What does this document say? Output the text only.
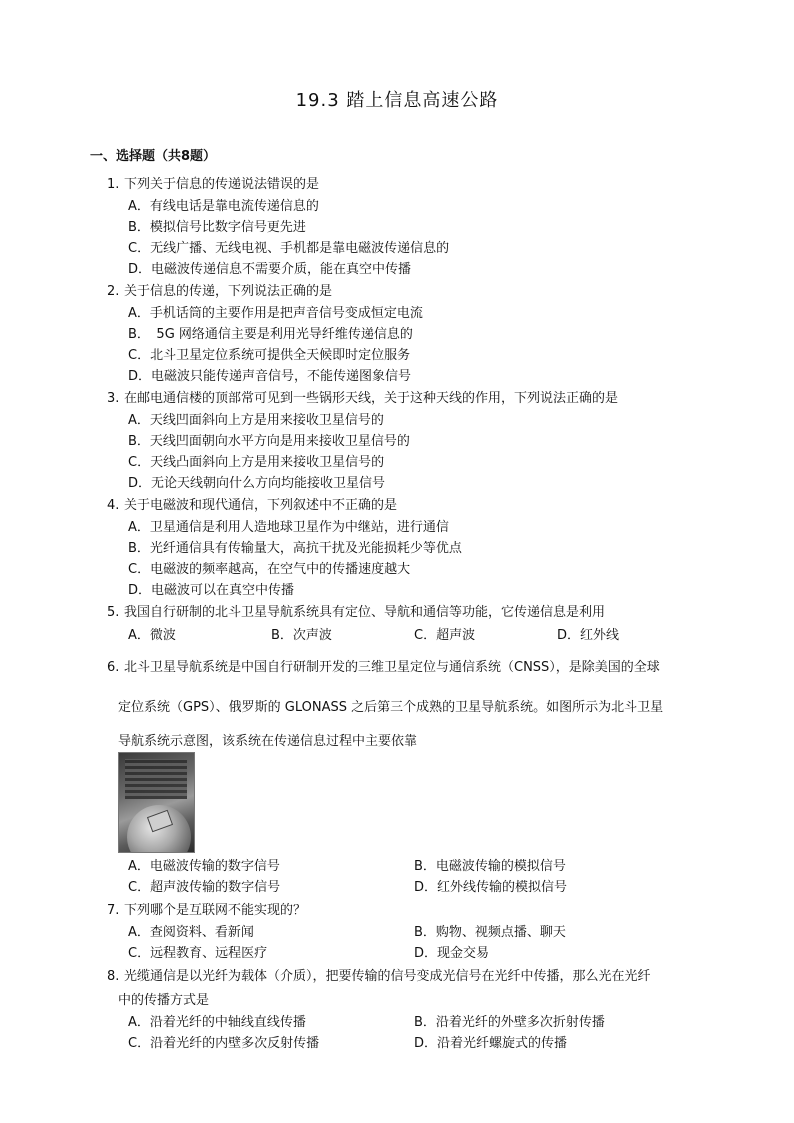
19.3 踏上信息高速公路
一、选择题（共8题）
1. 下列关于信息的传递说法错误的是
A．有线电话是靠电流传递信息的
B．模拟信号比数字信号更先进
C．无线广播、无线电视、手机都是靠电磁波传递信息的
D．电磁波传递信息不需要介质，能在真空中传播
2. 关于信息的传递，下列说法正确的是
A．手机话筒的主要作用是把声音信号变成恒定电流
B．　5G 网络通信主要是利用光导纤维传递信息的
C．北斗卫星定位系统可提供全天候即时定位服务
D．电磁波只能传递声音信号，不能传递图象信号
3. 在邮电通信楼的顶部常可见到一些锅形天线，关于这种天线的作用，下列说法正确的是
A．天线凹面斜向上方是用来接收卫星信号的
B．天线凹面朝向水平方向是用来接收卫星信号的
C．天线凸面斜向上方是用来接收卫星信号的
D．无论天线朝向什么方向均能接收卫星信号
4. 关于电磁波和现代通信，下列叙述中不正确的是
A．卫星通信是利用人造地球卫星作为中继站，进行通信
B．光纤通信具有传输量大，高抗干扰及光能损耗少等优点
C．电磁波的频率越高，在空气中的传播速度越大
D．电磁波可以在真空中传播
5. 我国自行研制的北斗卫星导航系统具有定位、导航和通信等功能，它传递信息是利用
A．微波	B．次声波	C．超声波	D．红外线
6. 北斗卫星导航系统是中国自行研制开发的三维卫星定位与通信系统（CNSS），是除美国的全球
定位系统（GPS）、俄罗斯的 GLONASS 之后第三个成熟的卫星导航系统。如图所示为北斗卫星
导航系统示意图，该系统在传递信息过程中主要依靠
A．电磁波传输的数字信号	B．电磁波传输的模拟信号
C．超声波传输的数字信号	D．红外线传输的模拟信号
7. 下列哪个是互联网不能实现的？
A．查阅资料、看新闻	B．购物、视频点播、聊天
C．远程教育、远程医疗	D．现金交易
8. 光缆通信是以光纤为载体（介质），把要传输的信号变成光信号在光纤中传播，那么光在光纤
中的传播方式是
A．沿着光纤的中轴线直线传播	B．沿着光纤的外壁多次折射传播
C．沿着光纤的内壁多次反射传播	D．沿着光纤螺旋式的传播
